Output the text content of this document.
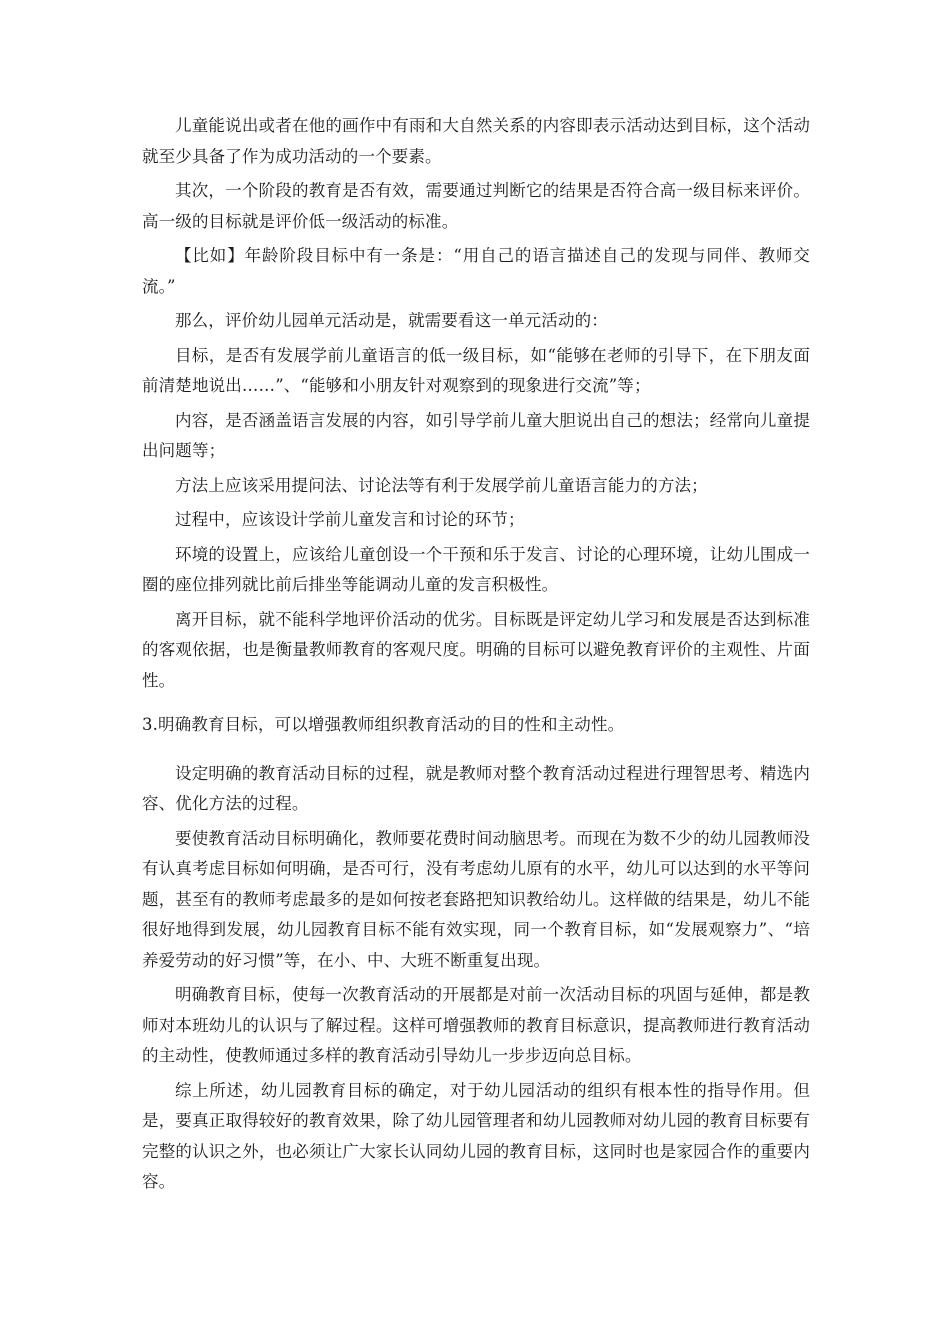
儿童能说出或者在他的画作中有雨和大自然关系的内容即表示活动达到目标，这个活动就至少具备了作为成功活动的一个要素。

其次，一个阶段的教育是否有效，需要通过判断它的结果是否符合高一级目标来评价。高一级的目标就是评价低一级活动的标准。

【比如】年龄阶段目标中有一条是：“用自己的语言描述自己的发现与同伴、教师交流。”

那么，评价幼儿园单元活动是，就需要看这一单元活动的：

目标，是否有发展学前儿童语言的低一级目标，如“能够在老师的引导下，在下朋友面前清楚地说出……”、“能够和小朋友针对观察到的现象进行交流”等；

内容，是否涵盖语言发展的内容，如引导学前儿童大胆说出自己的想法；经常向儿童提出问题等；

方法上应该采用提问法、讨论法等有利于发展学前儿童语言能力的方法；

过程中，应该设计学前儿童发言和讨论的环节；

环境的设置上，应该给儿童创设一个干预和乐于发言、讨论的心理环境，让幼儿围成一圈的座位排列就比前后排坐等能调动儿童的发言积极性。

离开目标，就不能科学地评价活动的优劣。目标既是评定幼儿学习和发展是否达到标准的客观依据，也是衡量教师教育的客观尺度。明确的目标可以避免教育评价的主观性、片面性。

3.明确教育目标，可以增强教师组织教育活动的目的性和主动性。

设定明确的教育活动目标的过程，就是教师对整个教育活动过程进行理智思考、精选内容、优化方法的过程。

要使教育活动目标明确化，教师要花费时间动脑思考。而现在为数不少的幼儿园教师没有认真考虑目标如何明确，是否可行，没有考虑幼儿原有的水平，幼儿可以达到的水平等问题，甚至有的教师考虑最多的是如何按老套路把知识教给幼儿。这样做的结果是，幼儿不能很好地得到发展，幼儿园教育目标不能有效实现，同一个教育目标，如“发展观察力”、“培养爱劳动的好习惯”等，在小、中、大班不断重复出现。

明确教育目标，使每一次教育活动的开展都是对前一次活动目标的巩固与延伸，都是教师对本班幼儿的认识与了解过程。这样可增强教师的教育目标意识，提高教师进行教育活动的主动性，使教师通过多样的教育活动引导幼儿一步步迈向总目标。

综上所述，幼儿园教育目标的确定，对于幼儿园活动的组织有根本性的指导作用。但是，要真正取得较好的教育效果，除了幼儿园管理者和幼儿园教师对幼儿园的教育目标要有完整的认识之外，也必须让广大家长认同幼儿园的教育目标，这同时也是家园合作的重要内容。
